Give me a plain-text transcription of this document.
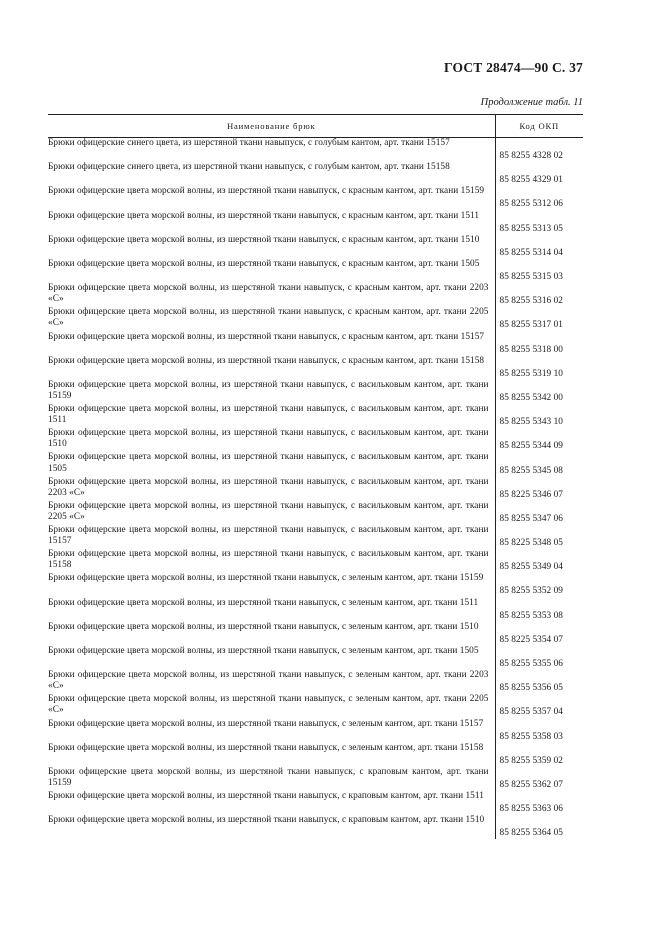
ГОСТ 28474—90 С. 37
Продолжение табл. 11
Наименование брюк	Код ОКП
Брюки офицерские синего цвета, из шерстяной ткани навыпуск, с голубым кантом, арт. ткани 15157	85 8255 4328 02
Брюки офицерские синего цвета, из шерстяной ткани навыпуск, с голубым кантом, арт. ткани 15158	85 8255 4329 01
Брюки офицерские цвета морской волны, из шерстяной ткани навыпуск, с красным кантом, арт. ткани 15159	85 8255 5312 06
Брюки офицерские цвета морской волны, из шерстяной ткани навыпуск, с красным кантом, арт. ткани 1511	85 8255 5313 05
Брюки офицерские цвета морской волны, из шерстяной ткани навыпуск, с красным кантом, арт. ткани 1510	85 8255 5314 04
Брюки офицерские цвета морской волны, из шерстяной ткани навыпуск, с красным кантом, арт. ткани 1505	85 8255 5315 03
Брюки офицерские цвета морской волны, из шерстяной ткани навыпуск, с красным кантом, арт. ткани 2203 «С»	85 8255 5316 02
Брюки офицерские цвета морской волны, из шерстяной ткани навыпуск, с красным кантом, арт. ткани 2205 «С»	85 8255 5317 01
Брюки офицерские цвета морской волны, из шерстяной ткани навыпуск, с красным кантом, арт. ткани 15157	85 8255 5318 00
Брюки офицерские цвета морской волны, из шерстяной ткани навыпуск, с красным кантом, арт. ткани 15158	85 8255 5319 10
Брюки офицерские цвета морской волны, из шерстяной ткани навыпуск, с васильковым кантом, арт. ткани 15159	85 8255 5342 00
Брюки офицерские цвета морской волны, из шерстяной ткани навыпуск, с васильковым кантом, арт. ткани 1511	85 8255 5343 10
Брюки офицерские цвета морской волны, из шерстяной ткани навыпуск, с васильковым кантом, арт. ткани 1510	85 8255 5344 09
Брюки офицерские цвета морской волны, из шерстяной ткани навыпуск, с васильковым кантом, арт. ткани 1505	85 8255 5345 08
Брюки офицерские цвета морской волны, из шерстяной ткани навыпуск, с васильковым кантом, арт. ткани 2203 «С»	85 8225 5346 07
Брюки офицерские цвета морской волны, из шерстяной ткани навыпуск, с васильковым кантом, арт. ткани 2205 «С»	85 8255 5347 06
Брюки офицерские цвета морской волны, из шерстяной ткани навыпуск, с васильковым кантом, арт. ткани 15157	85 8225 5348 05
Брюки офицерские цвета морской волны, из шерстяной ткани навыпуск, с васильковым кантом, арт. ткани 15158	85 8255 5349 04
Брюки офицерские цвета морской волны, из шерстяной ткани навыпуск, с зеленым кантом, арт. ткани 15159	85 8255 5352 09
Брюки офицерские цвета морской волны, из шерстяной ткани навыпуск, с зеленым кантом, арт. ткани 1511	85 8255 5353 08
Брюки офицерские цвета морской волны, из шерстяной ткани навыпуск, с зеленым кантом, арт. ткани 1510	85 8225 5354 07
Брюки офицерские цвета морской волны, из шерстяной ткани навыпуск, с зеленым кантом, арт. ткани 1505	85 8255 5355 06
Брюки офицерские цвета морской волны, из шерстяной ткани навыпуск, с зеленым кантом, арт. ткани 2203 «С»	85 8255 5356 05
Брюки офицерские цвета морской волны, из шерстяной ткани навыпуск, с зеленым кантом, арт. ткани 2205 «С»	85 8255 5357 04
Брюки офицерские цвета морской волны, из шерстяной ткани навыпуск, с зеленым кантом, арт. ткани 15157	85 8255 5358 03
Брюки офицерские цвета морской волны, из шерстяной ткани навыпуск, с зеленым кантом, арт. ткани 15158	85 8255 5359 02
Брюки офицерские цвета морской волны, из шерстяной ткани навыпуск, с краповым кантом, арт. ткани 15159	85 8255 5362 07
Брюки офицерские цвета морской волны, из шерстяной ткани навыпуск, с краповым кантом, арт. ткани 1511	85 8255 5363 06
Брюки офицерские цвета морской волны, из шерстяной ткани навыпуск, с краповым кантом, арт. ткани 1510	85 8255 5364 05
